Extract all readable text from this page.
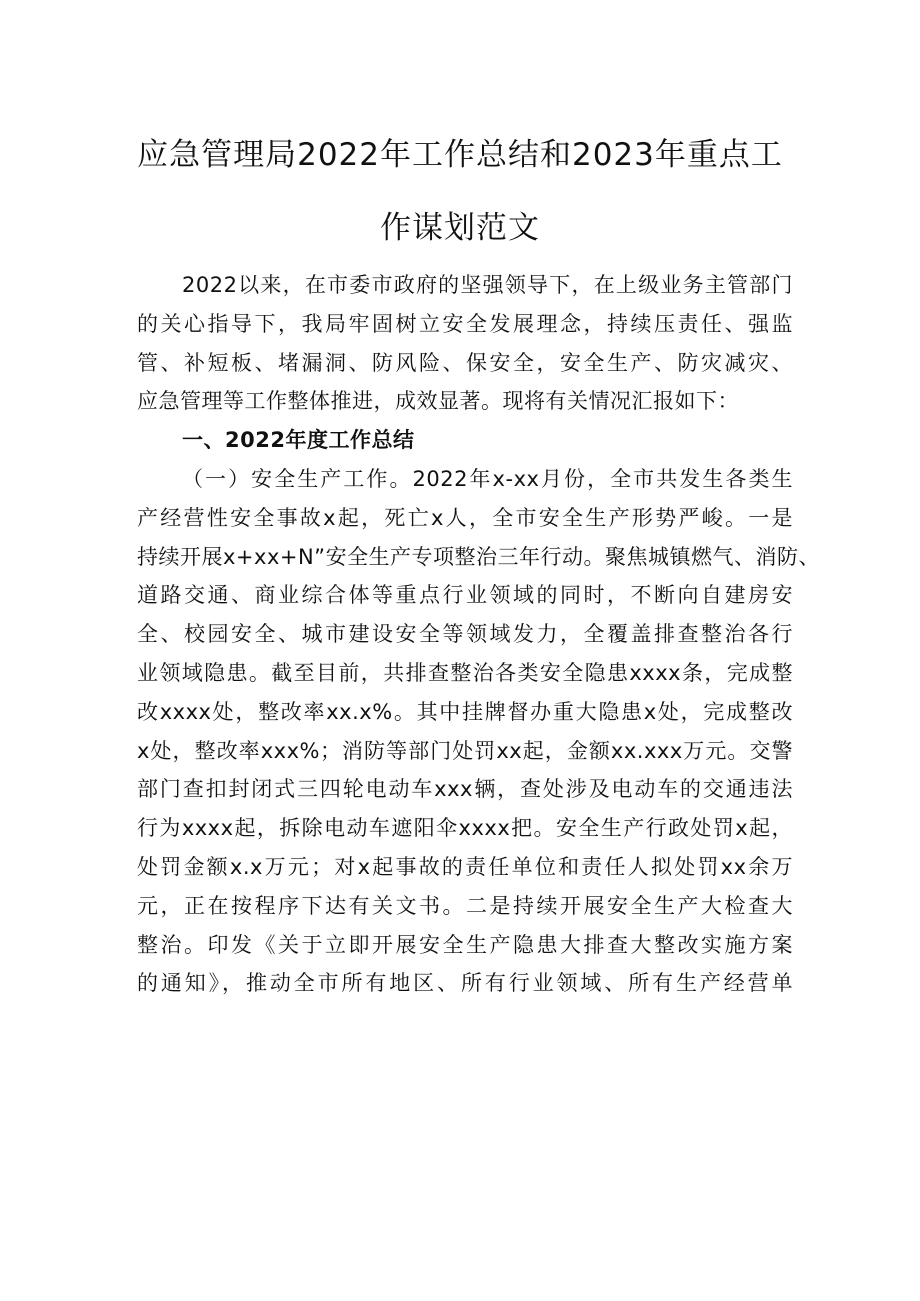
应急管理局2022年工作总结和2023年重点工
作谋划范文
2022以来，在市委市政府的坚强领导下，在上级业务主管部门
的关心指导下，我局牢固树立安全发展理念，持续压责任、强监
管、补短板、堵漏洞、防风险、保安全，安全生产、防灾减灾、
应急管理等工作整体推进，成效显著。现将有关情况汇报如下：
一、2022年度工作总结
（一）安全生产工作。2022年x-xx月份，全市共发生各类生
产经营性安全事故x起，死亡x人，全市安全生产形势严峻。一是
持续开展x+xx+N”安全生产专项整治三年行动。聚焦城镇燃气、消防、
道路交通、商业综合体等重点行业领域的同时，不断向自建房安
全、校园安全、城市建设安全等领域发力，全覆盖排查整治各行
业领域隐患。截至目前，共排查整治各类安全隐患xxxx条，完成整
改xxxx处，整改率xx.x%。其中挂牌督办重大隐患x处，完成整改
x处，整改率xxx%；消防等部门处罚xx起，金额xx.xxx万元。交警
部门查扣封闭式三四轮电动车xxx辆，查处涉及电动车的交通违法
行为xxxx起，拆除电动车遮阳伞xxxx把。安全生产行政处罚x起，
处罚金额x.x万元；对x起事故的责任单位和责任人拟处罚xx余万
元，正在按程序下达有关文书。二是持续开展安全生产大检查大
整治。印发《关于立即开展安全生产隐患大排查大整改实施方案
的通知》，推动全市所有地区、所有行业领域、所有生产经营单
